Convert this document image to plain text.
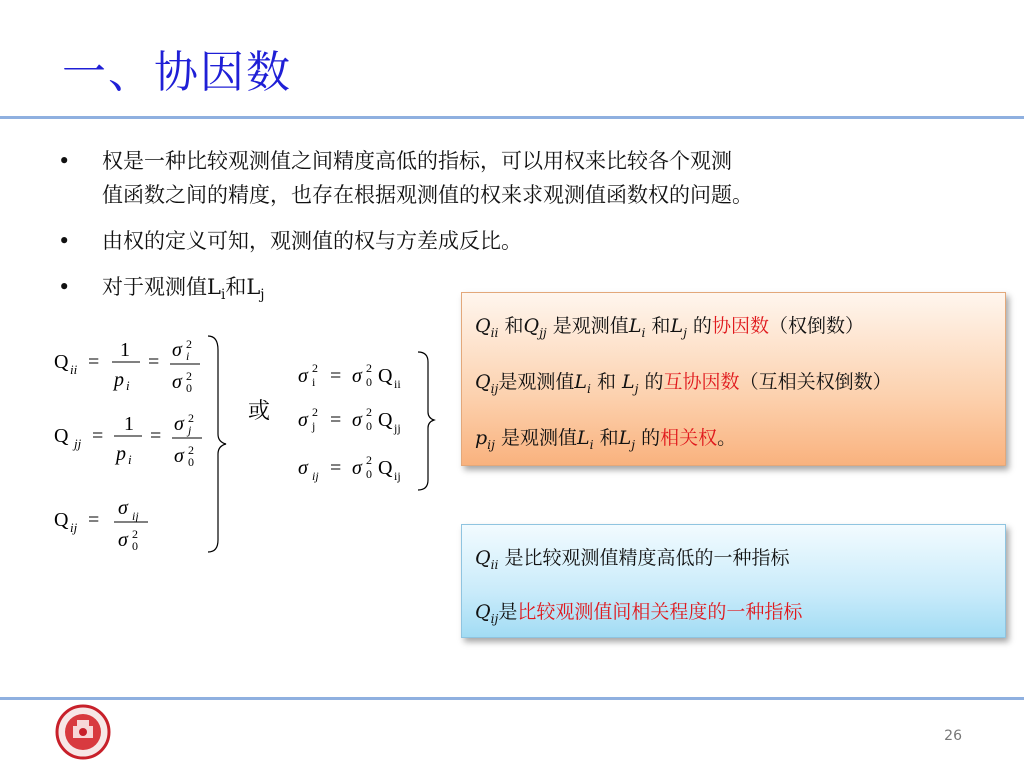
一、协因数
• 权是一种比较观测值之间精度高低的指标，可以用权来比较各个观测
值函数之间的精度，也存在根据观测值的权来求观测值函数权的问题。
• 由权的定义可知，观测值的权与方差成反比。
• 对于观测值$L_i$和$L_j$
Q ii =
1
p i
=
σ 2
i
σ 2
0
Q jj =
1
p i
=
σ 2
j
σ 2
0
Q ij =
σ ij
σ 2
0
或
σ 2
i = σ 2
0 Q ii
σ 2
j = σ 2
0 Q jj
σ ij = σ 2
0 Q ij
$Q_{ii}$ 和$Q_{jj}$ 是观测值$L_i$ 和$L_j$ 的协因数（权倒数）
$Q_{ij}$是观测值$L_i$ 和 $L_j$ 的互协因数（互相关权倒数）
$p_{ij}$ 是观测值$L_i$ 和$L_j$ 的相关权。
$Q_{ii}$ 是比较观测值精度高低的一种指标
$Q_{ij}$是比较观测值间相关程度的一种指标
26
